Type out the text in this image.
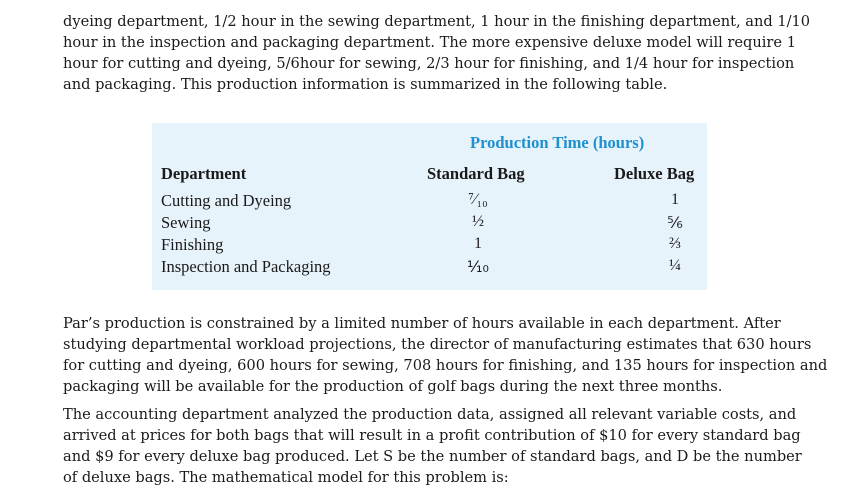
dyeing department, 1/2 hour in the sewing department, 1 hour in the finishing department, and 1/10
hour in the inspection and packaging department. The more expensive deluxe model will require 1
hour for cutting and dyeing, 5/6hour for sewing, 2/3 hour for finishing, and 1/4 hour for inspection
and packaging. This production information is summarized in the following table.
Production Time (hours)
Department	Standard Bag	Deluxe Bag
Cutting and Dyeing	⁷⁄₁₀	1
Sewing	½	⅚
Finishing	1	⅔
Inspection and Packaging	⅒	¼
Par’s production is constrained by a limited number of hours available in each department. After
studying departmental workload projections, the director of manufacturing estimates that 630 hours
for cutting and dyeing, 600 hours for sewing, 708 hours for finishing, and 135 hours for inspection and
packaging will be available for the production of golf bags during the next three months.
The accounting department analyzed the production data, assigned all relevant variable costs, and
arrived at prices for both bags that will result in a profit contribution of $10 for every standard bag
and $9 for every deluxe bag produced. Let S be the number of standard bags, and D be the number
of deluxe bags. The mathematical model for this problem is:
